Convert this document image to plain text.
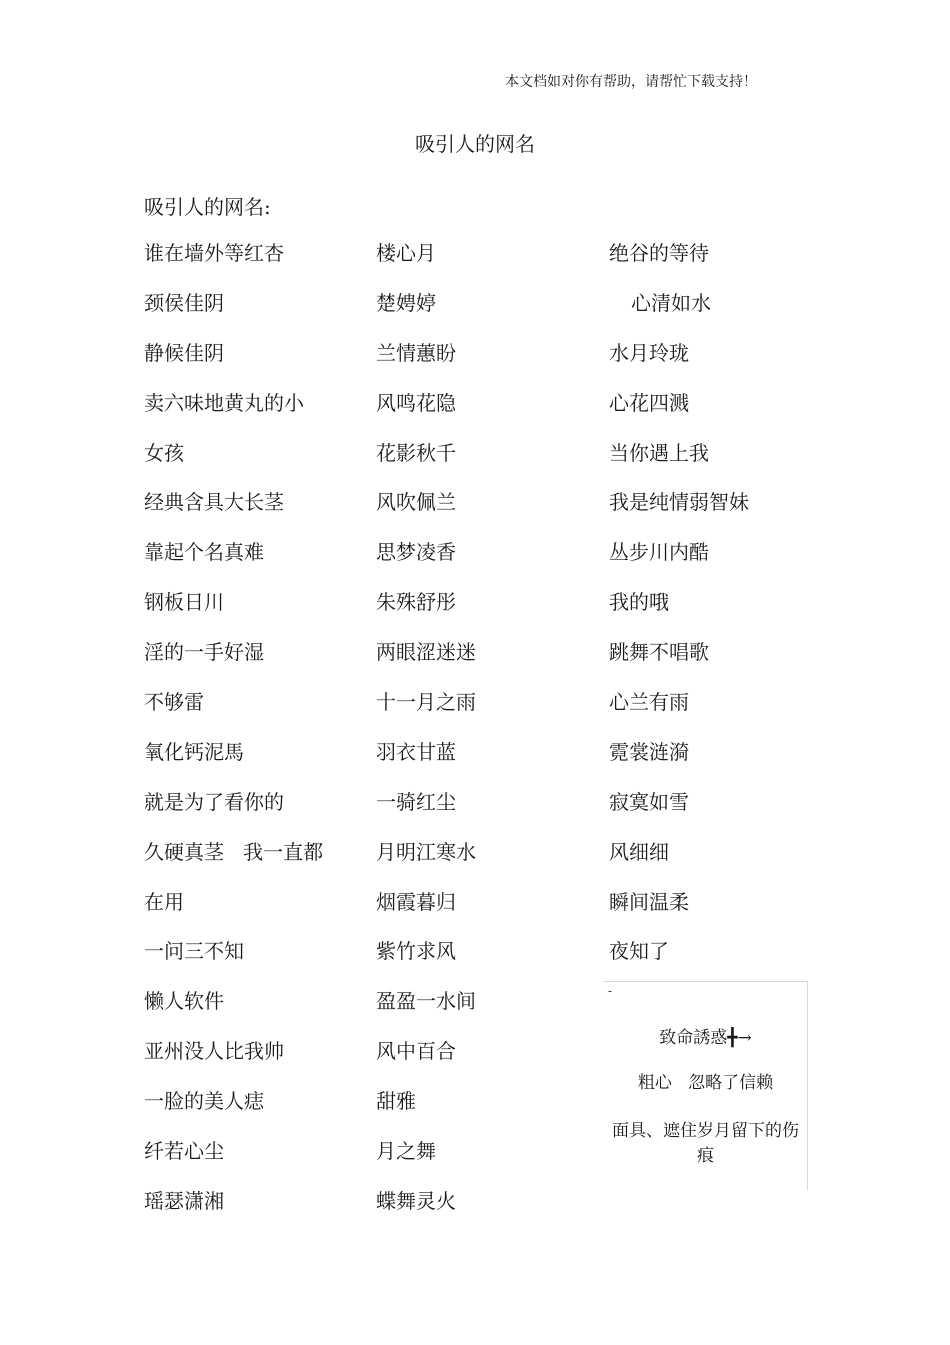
本文档如对你有帮助，请帮忙下载支持！
吸引人的网名
吸引人的网名:
谁在墙外等红杏
颈侯佳阴
静候佳阴
卖六味地黄丸的小
女孩
经典含具大长茎
靠起个名真难
钢板日川
淫的一手好湿
不够雷
氧化钙泥馬
就是为了看你的
久硬真茎   我一直都
在用
一问三不知
懒人软件
亚州没人比我帅
一脸的美人痣
纤若心尘
瑶瑟潇湘
楼心月
楚娉婷
兰情蕙盼
风鸣花隐
花影秋千
风吹佩兰
思梦凌香
朱殊舒彤
两眼涩迷迷
十一月之雨
羽衣甘蓝
一骑红尘
月明江寒水
烟霞暮归
紫竹求风
盈盈一水间
风中百合
甜雅
月之舞
蝶舞灵火
绝谷的等待
心清如水
水月玲珑
心花四溅
当你遇上我
我是纯情弱智妹
丛步川内酷
我的哦
跳舞不唱歌
心兰有雨
霓裳涟漪
寂寞如雪
风细细
瞬间温柔
夜知了
-
致命誘惑╋→
粗心   忽略了信赖
面具、遮住岁月留下的伤痕
